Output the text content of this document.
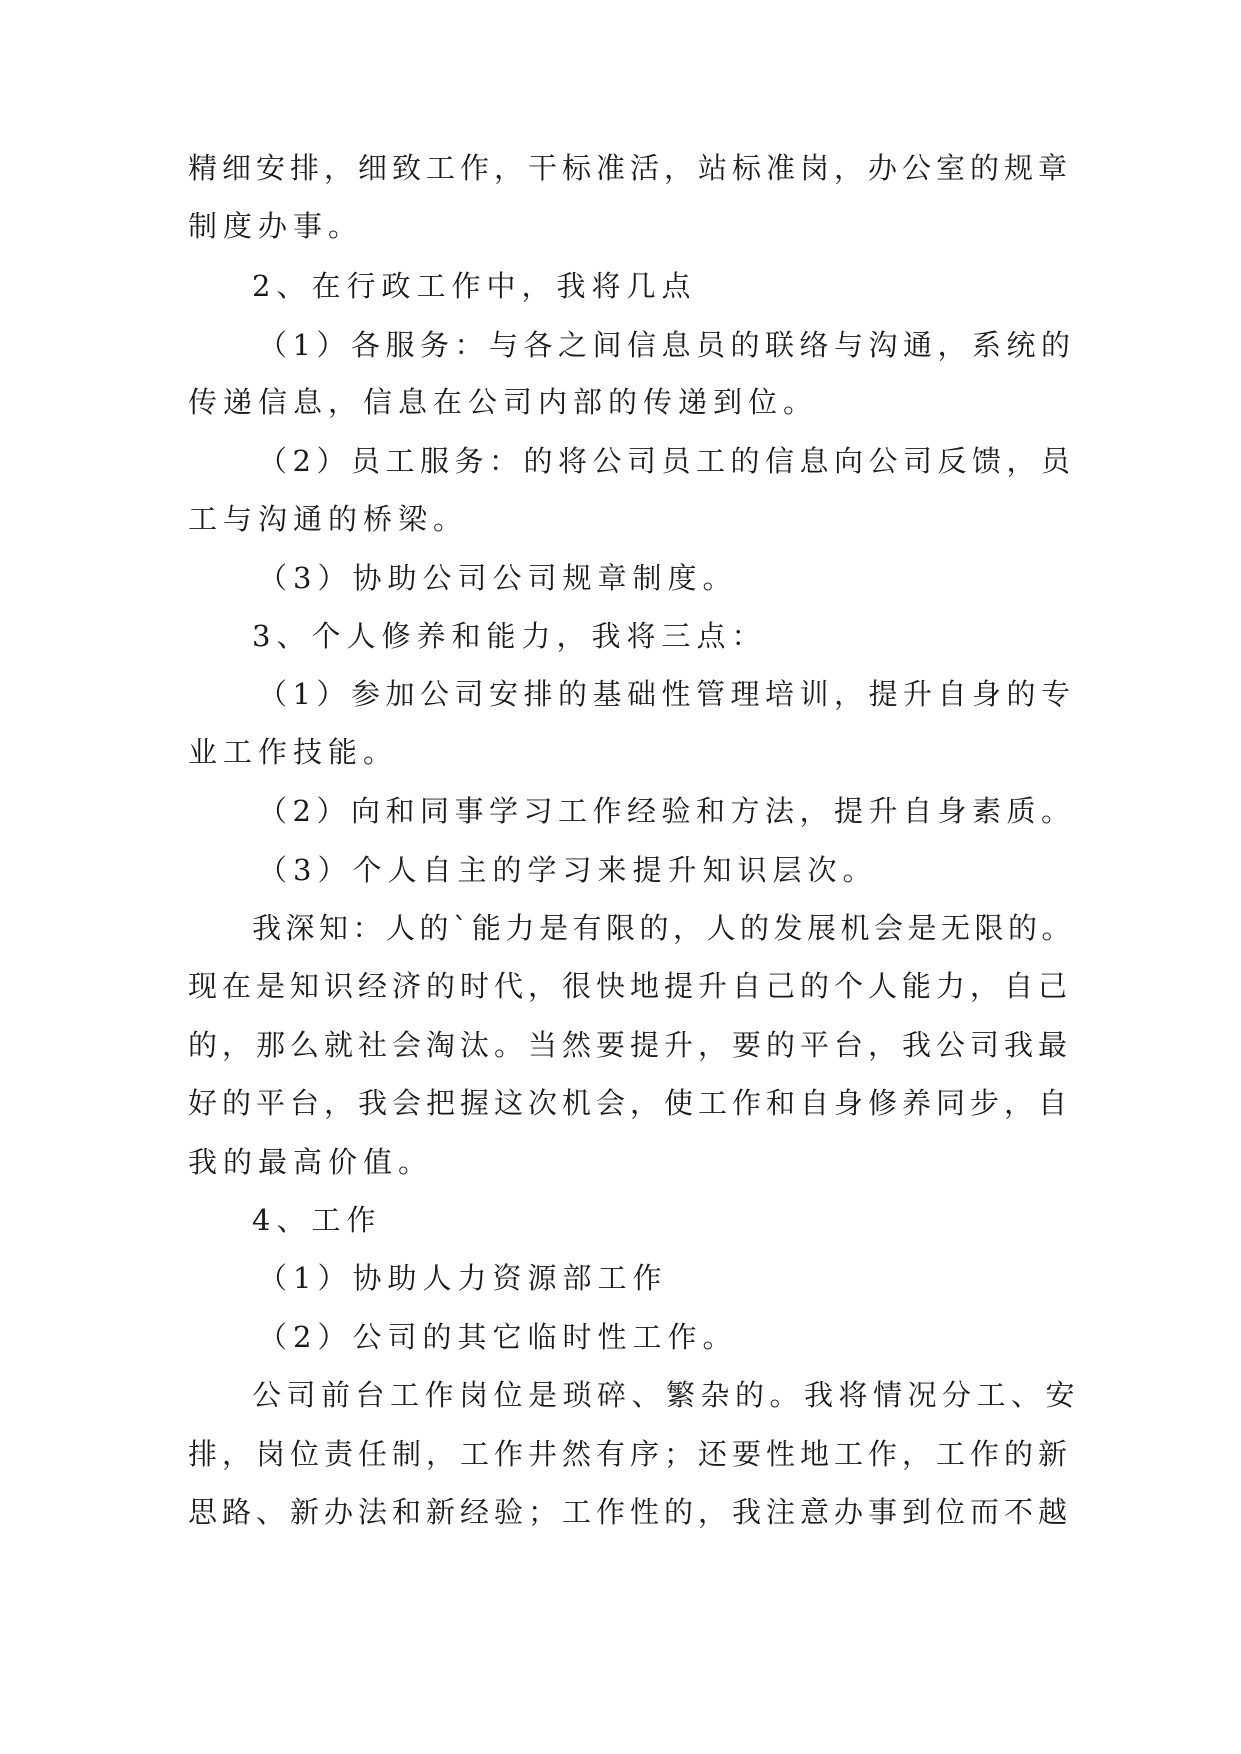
精细安排，细致工作，干标准活，站标准岗，办公室的规章
制度办事。
2、在行政工作中，我将几点
（1）各服务：与各之间信息员的联络与沟通，系统的
传递信息，信息在公司内部的传递到位。
（2）员工服务：的将公司员工的信息向公司反馈，员
工与沟通的桥梁。
（3）协助公司公司规章制度。
3、个人修养和能力，我将三点：
（1）参加公司安排的基础性管理培训，提升自身的专
业工作技能。
（2）向和同事学习工作经验和方法，提升自身素质。
（3）个人自主的学习来提升知识层次。
我深知：人的`能力是有限的，人的发展机会是无限的。
现在是知识经济的时代，很快地提升自己的个人能力，自己
的，那么就社会淘汰。当然要提升，要的平台，我公司我最
好的平台，我会把握这次机会，使工作和自身修养同步，自
我的最高价值。
4、工作
（1）协助人力资源部工作
（2）公司的其它临时性工作。
公司前台工作岗位是琐碎、繁杂的。我将情况分工、安
排，岗位责任制，工作井然有序；还要性地工作，工作的新
思路、新办法和新经验；工作性的，我注意办事到位而不越
